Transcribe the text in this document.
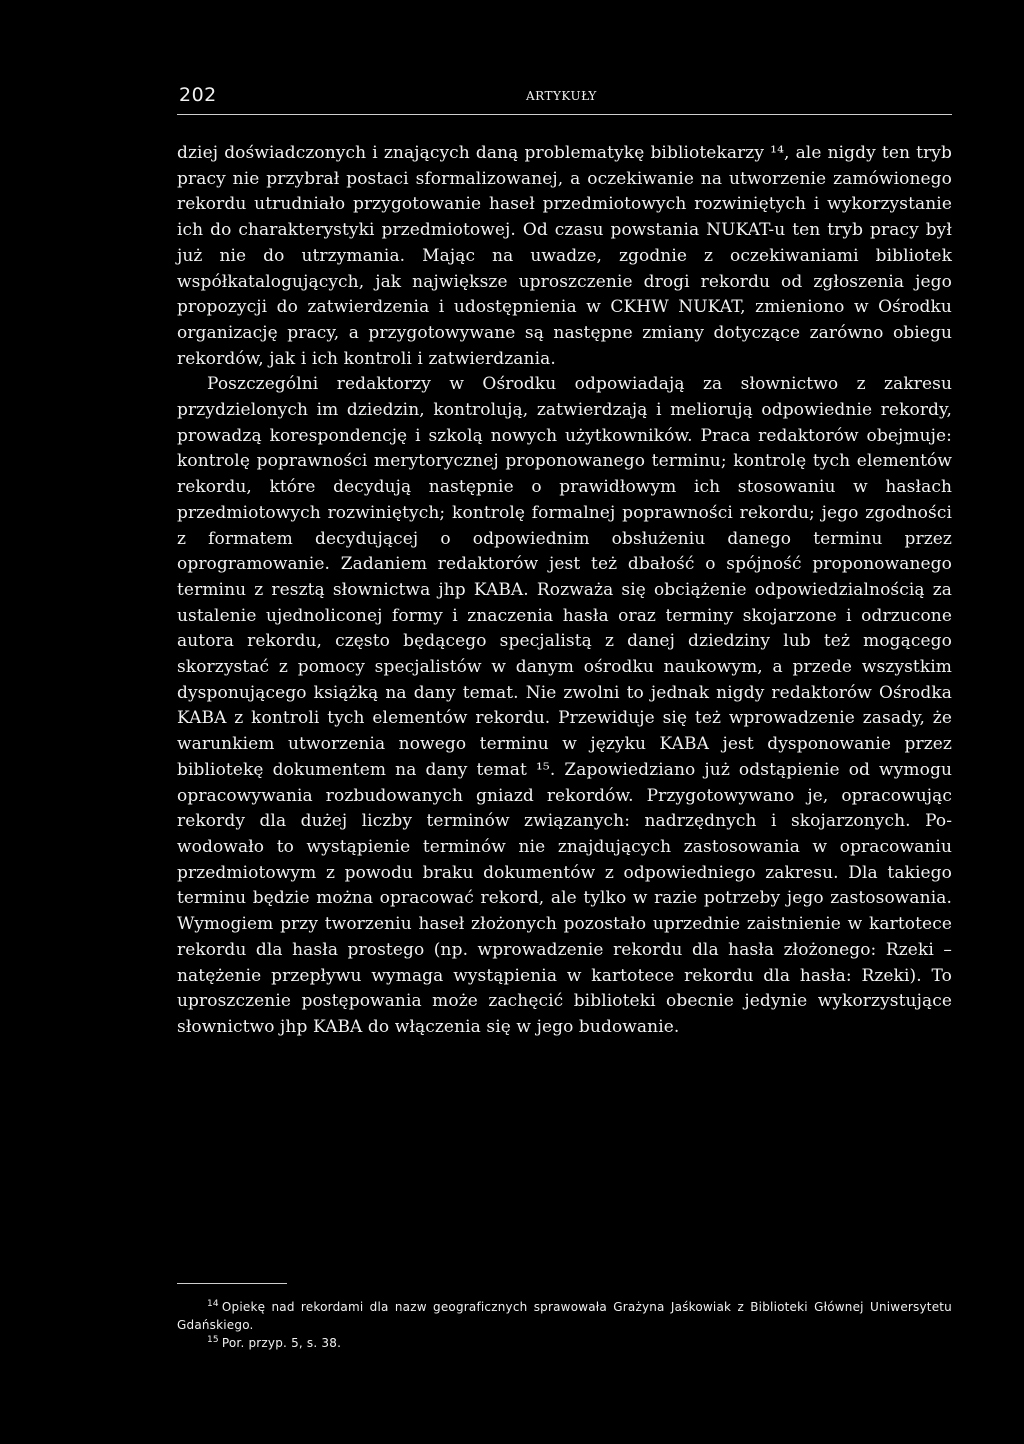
202	ARTYKUŁY

dziej doświadczonych i znających daną problematykę bibliotekarzy ¹⁴, ale nigdy ten tryb pracy nie przybrał postaci sformalizowanej, a oczekiwanie na utworzenie zamówionego rekordu utrudniało przygotowanie haseł przedmiotowych rozwiniętych i wykorzystanie ich do charakterystyki przedmiotowej. Od czasu powstania NUKAT-u ten tryb pracy był już nie do utrzymania. Mając na uwadze, zgodnie z oczekiwaniami bibliotek współkatalogujących, jak największe uproszczenie drogi rekordu od zgłoszenia jego propozycji do zatwierdzenia i udostępnienia w CKHW NUKAT, zmieniono w Ośrodku organizację pracy, a przygotowywane są następne zmiany dotyczące zarówno obiegu rekordów, jak i ich kontroli i zatwierdzania.

Poszczególni redaktorzy w Ośrodku odpowiadają za słownictwo z zakresu przydzielonych im dziedzin, kontrolują, zatwierdzają i meliorują odpowiednie rekordy, prowadzą korespondencję i szkolą nowych użytkowników. Praca redaktorów obejmuje: kontrolę poprawności merytorycznej proponowanego terminu; kontrolę tych elementów rekordu, które decydują następnie o prawidłowym ich stosowaniu w hasłach przedmiotowych rozwiniętych; kontrolę formalnej poprawności rekordu; jego zgodności z formatem decydującej o odpowiednim obsłużeniu danego terminu przez oprogramowanie. Zadaniem redaktorów jest też dbałość o spójność proponowanego terminu z resztą słownictwa jhp KABA. Rozważa się obciążenie odpowiedzialnością za ustalenie ujednoliconej formy i znaczenia hasła oraz terminy skojarzone i odrzucone autora rekordu, często będącego specjalistą z danej dziedziny lub też mogącego skorzystać z pomocy specjalistów w danym ośrodku naukowym, a przede wszystkim dysponującego książką na dany temat. Nie zwolni to jednak nigdy redaktorów Ośrodka KABA z kontroli tych elementów rekordu. Przewiduje się też wprowadzenie zasady, że warunkiem utworzenia nowego terminu w języku KABA jest dysponowanie przez bibliotekę dokumentem na dany temat ¹⁵. Zapowiedziano już odstąpienie od wymogu opracowywania rozbudowanych gniazd rekordów. Przygotowywano je, opracowując rekordy dla dużej liczby terminów związanych: nadrzędnych i skojarzonych. Powodowało to wystąpienie terminów nie znajdujących zastosowania w opracowaniu przedmiotowym z powodu braku dokumentów z odpowiedniego zakresu. Dla takiego terminu będzie można opracować rekord, ale tylko w razie potrzeby jego zastosowania. Wymogiem przy tworzeniu haseł złożonych pozostało uprzednie zaistnienie w kartotece rekordu dla hasła prostego (np. wprowadzenie rekordu dla hasła złożonego: Rzeki – natężenie przepływu wymaga wystąpienia w kartotece rekordu dla hasła: Rzeki). To uproszczenie postępowania może zachęcić biblioteki obecnie jedynie wykorzystujące słownictwo jhp KABA do włączenia się w jego budowanie.

$^{14}$ Opiekę nad rekordami dla nazw geograficznych sprawowała Grażyna Jaśkowiak z Biblioteki Głównej Uniwersytetu Gdańskiego.

$^{15}$ Por. przyp. 5, s. 38.
